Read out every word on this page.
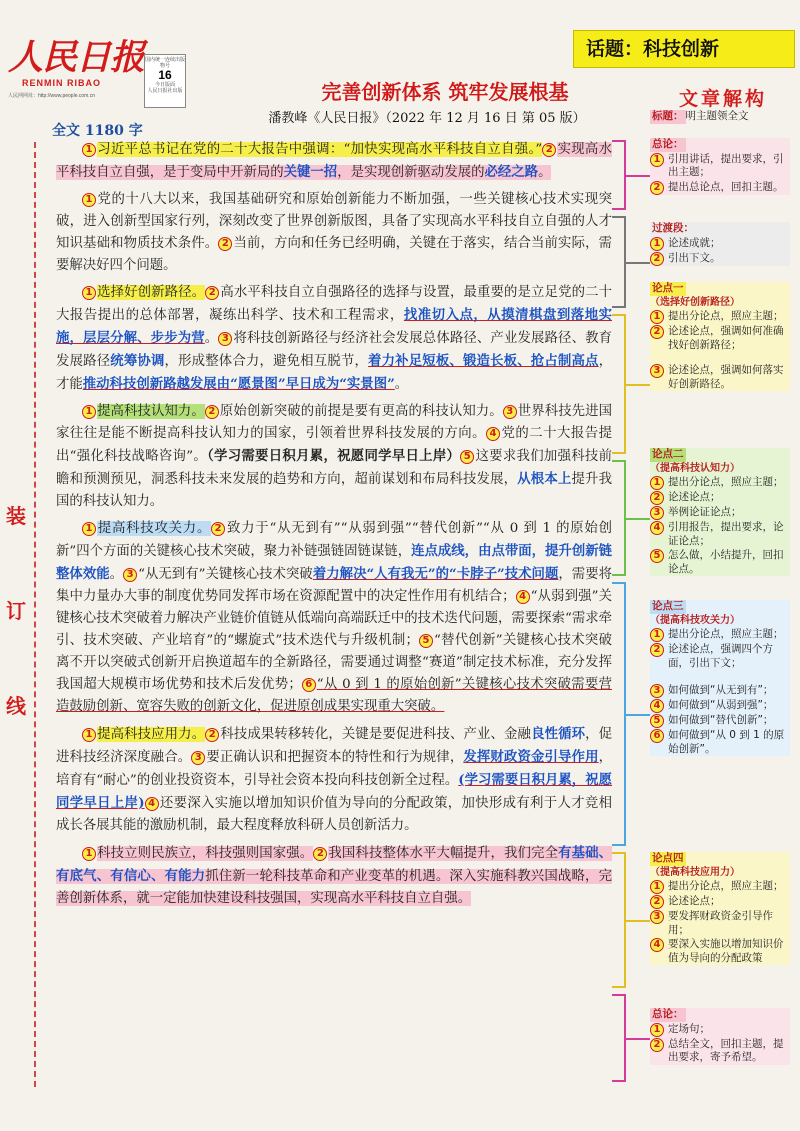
人民日报
RENMIN RIBAO
人民网网址：http://www.people.com.cn
国内统一连续出版物号
16
今日版面
人民日报社出版
话题：科技创新
完善创新体系 筑牢发展根基
潘教峰《人民日报》（2022 年 12 月 16 日 第 05 版）
全文 1180 字
装
订
线
1 习近平总书记在党的二十大报告中强调：“加快实现高水平科技自立自强。” 2 实现高水平科技自立自强，是于变局中开新局的关键一招，是实现创新驱动发展的必经之路。
1 党的十八大以来，我国基础研究和原始创新能力不断加强，一些关键核心技术实现突破，进入创新型国家行列，深刻改变了世界创新版图，具备了实现高水平科技自立自强的人才知识基础和物质技术条件。 2 当前，方向和任务已经明确，关键在于落实，结合当前实际，需要解决好四个问题。
1 选择好创新路径。 2 高水平科技自立自强路径的选择与设置，最重要的是立足党的二十大报告提出的总体部署，凝练出科学、技术和工程需求，找准切入点，从摸清棋盘到落地实施，层层分解、步步为营。 3 将科技创新路径与经济社会发展总体路径、产业发展路径、教育发展路径统筹协调，形成整体合力，避免相互脱节，着力补足短板、锻造长板、抢占制高点，才能推动科技创新路越发展由“愿景图”早日成为“实景图”。
1 提高科技认知力。 2 原始创新突破的前提是要有更高的科技认知力。 3 世界科技先进国家往往是能不断提高科技认知力的国家，引领着世界科技发展的方向。 4 党的二十大报告提出“强化科技战略咨询”。（学习需要日积月累，祝愿同学早日上岸） 5 这要求我们加强科技前瞻和预测预见，洞悉科技未来发展的趋势和方向，超前谋划和布局科技发展，从根本上提升我国的科技认知力。
1 提高科技攻关力。 2 致力于“从无到有”“从弱到强”“替代创新”“从 0 到 1 的原始创新”四个方面的关键核心技术突破，聚力补链强链固链谋链，连点成线，由点带面，提升创新链整体效能。 3 “从无到有”关键核心技术突破着力解决“人有我无”的“卡脖子”技术问题，需要将集中力量办大事的制度优势同发挥市场在资源配置中的决定性作用有机结合； 4 “从弱到强”关键核心技术突破着力解决产业链价值链从低端向高端跃迁中的技术迭代问题，需要探索“需求牵引、技术突破、产业培育”的“螺旋式”技术迭代与升级机制； 5 “替代创新”关键核心技术突破离不开以突破式创新开启换道超车的全新路径，需要通过调整“赛道”制定技术标准，充分发挥我国超大规模市场优势和技术后发优势； 6 “从 0 到 1 的原始创新”关键核心技术突破需要营造鼓励创新、宽容失败的创新文化，促进原创成果实现重大突破。
1 提高科技应用力。 2 科技成果转移转化，关键是要促进科技、产业、金融良性循环，促进科技经济深度融合。 3 要正确认识和把握资本的特性和行为规律，发挥财政资金引导作用，培育有“耐心”的创业投资资本，引导社会资本投向科技创新全过程。(学习需要日积月累，祝愿同学早日上岸) 4 还要深入实施以增加知识价值为导向的分配政策，加快形成有利于人才竞相成长各展其能的激励机制，最大程度释放科研人员创新活力。
1 科技立则民族立，科技强则国家强。 2 我国科技整体水平大幅提升，我们完全有基础、有底气、有信心、有能力抓住新一轮科技革命和产业变革的机遇。深入实施科教兴国战略，完善创新体系，就一定能加快建设科技强国，实现高水平科技自立自强。
文章解构
标题： 明主题领全文
总论：
1 引用讲话，提出要求，引出主题；
2 提出总论点，回扣主题。
过渡段：
1 论述成就；
2 引出下文。
论点一
（选择好创新路径）
1 提出分论点，照应主题；
2 论述论点，强调如何准确找好创新路径；
3 论述论点，强调如何落实好创新路径。
论点二
（提高科技认知力）
1 提出分论点，照应主题；
2 论述论点；
3 举例论证论点；
4 引用报告，提出要求，论证论点；
5 怎么做，小结提升，回扣论点。
论点三
（提高科技攻关力）
1 提出分论点，照应主题；
2 论述论点，强调四个方面，引出下文；
3 如何做到“从无到有”；
4 如何做到“从弱到强”；
5 如何做到“替代创新”；
6 如何做到“从 0 到 1 的原始创新”。
论点四
（提高科技应用力）
1 提出分论点，照应主题；
2 论述论点；
3 要发挥财政资金引导作用；
4 要深入实施以增加知识价值为导向的分配政策
总论：
1 定场句；
2 总结全文，回扣主题，提出要求，寄予希望。
